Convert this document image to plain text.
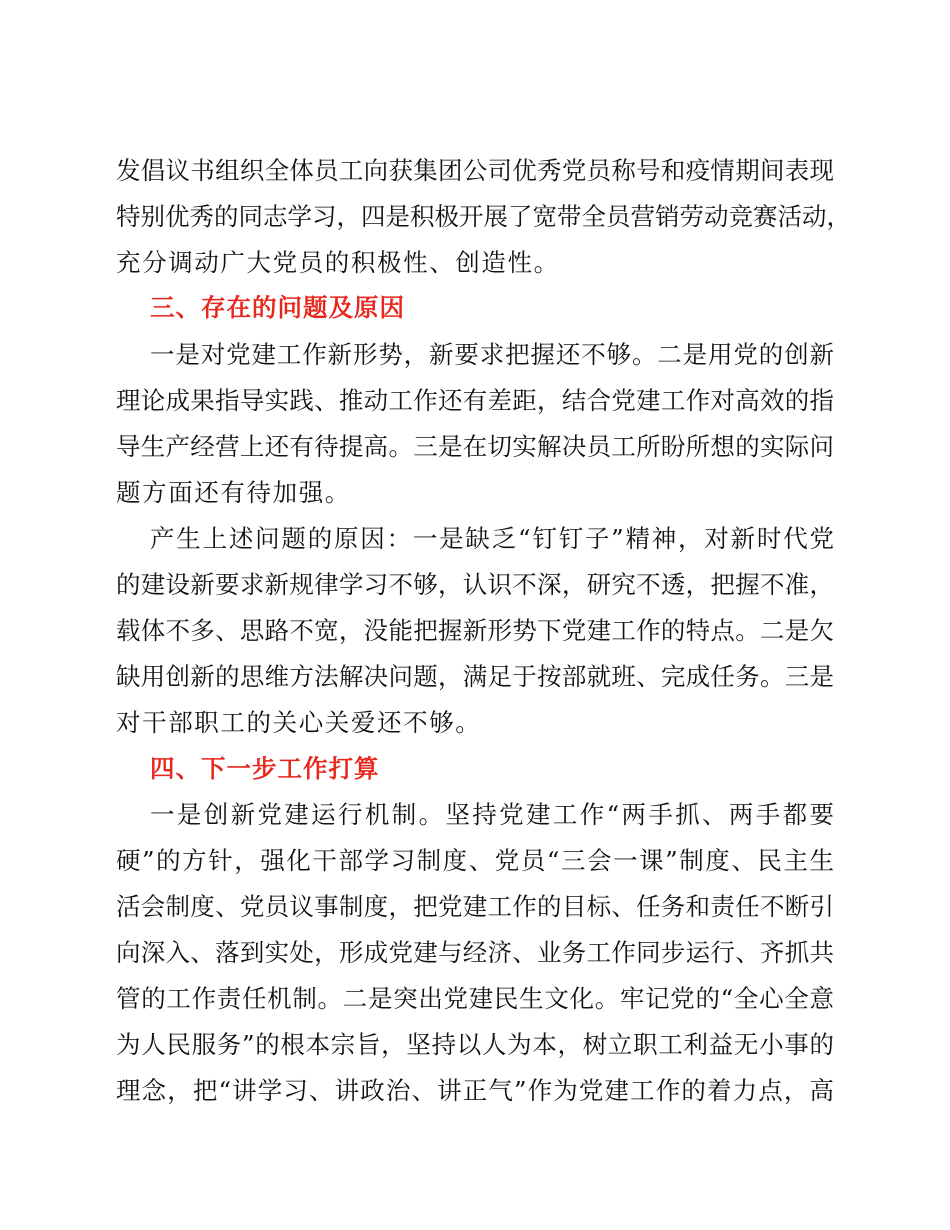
发倡议书组织全体员工向获集团公司优秀党员称号和疫情期间表现
特别优秀的同志学习，四是积极开展了宽带全员营销劳动竞赛活动，
充分调动广大党员的积极性、创造性。
三、存在的问题及原因
一是对党建工作新形势，新要求把握还不够。二是用党的创新
理论成果指导实践、推动工作还有差距，结合党建工作对高效的指
导生产经营上还有待提高。三是在切实解决员工所盼所想的实际问
题方面还有待加强。
产生上述问题的原因：一是缺乏“钉钉子”精神，对新时代党
的建设新要求新规律学习不够，认识不深，研究不透，把握不准，
载体不多、思路不宽，没能把握新形势下党建工作的特点。二是欠
缺用创新的思维方法解决问题，满足于按部就班、完成任务。三是
对干部职工的关心关爱还不够。
四、下一步工作打算
一是创新党建运行机制。坚持党建工作“两手抓、两手都要
硬”的方针，强化干部学习制度、党员“三会一课”制度、民主生
活会制度、党员议事制度，把党建工作的目标、任务和责任不断引
向深入、落到实处，形成党建与经济、业务工作同步运行、齐抓共
管的工作责任机制。二是突出党建民生文化。牢记党的“全心全意
为人民服务”的根本宗旨，坚持以人为本，树立职工利益无小事的
理念，把“讲学习、讲政治、讲正气”作为党建工作的着力点，高
